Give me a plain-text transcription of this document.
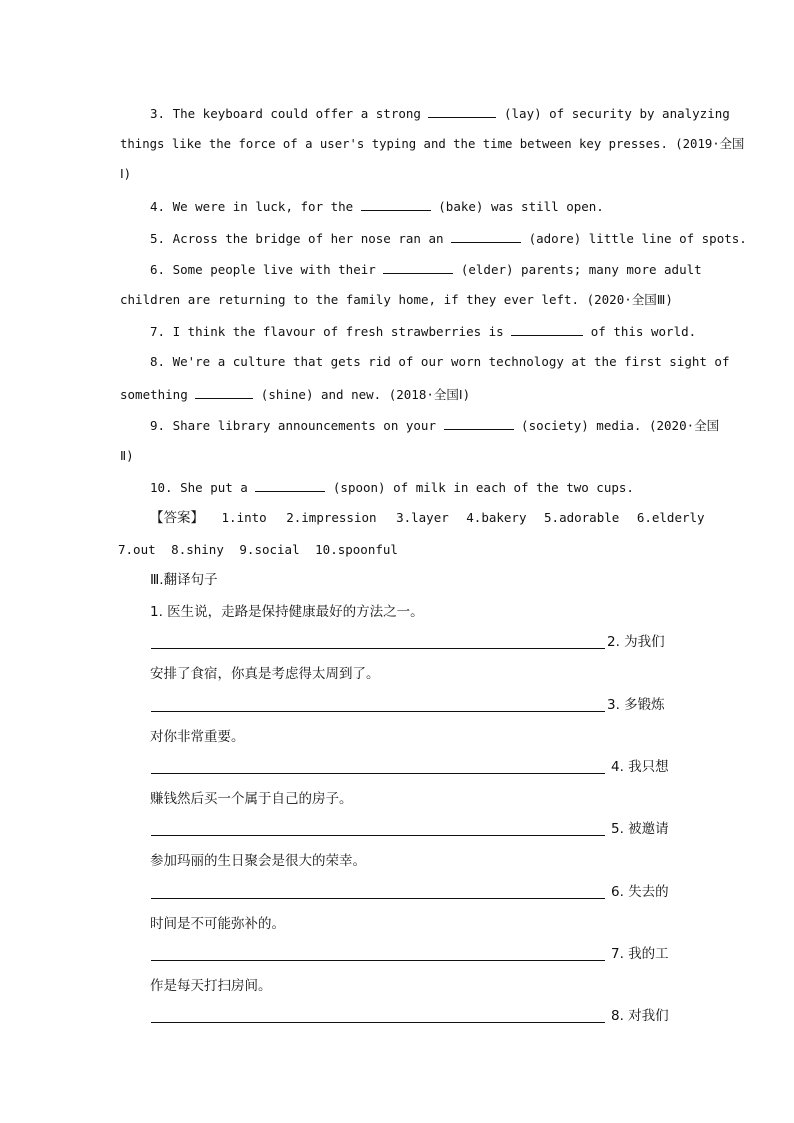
3. The keyboard could offer a strong	(lay) of security by analyzing
things like the force of a user's typing and the time between key presses. (2019·全国
Ⅰ)
4. We were in luck, for the	(bake) was still open.
5. Across the bridge of her nose ran an	(adore) little line of spots.
6. Some people live with their	(elder) parents; many more adult
children are returning to the family home, if they ever left. (2020·全国Ⅲ)
7. I think the flavour of fresh strawberries is	of this world.
8. We're a culture that gets rid of our worn technology at the first sight of
something	(shine) and new. (2018·全国Ⅰ)
9. Share library announcements on your	(society) media. (2020·全国
Ⅱ)
10. She put a	(spoon) of milk in each of the two cups.
【答案】 1.into 2.impression 3.layer 4.bakery 5.adorable 6.elderly
7.out 8.shiny 9.social 10.spoonful
Ⅲ.翻译句子
1. 医生说，走路是保持健康最好的方法之一。
2. 为我们
安排了食宿，你真是考虑得太周到了。
3. 多锻炼
对你非常重要。
4. 我只想
赚钱然后买一个属于自己的房子。
5. 被邀请
参加玛丽的生日聚会是很大的荣幸。
6. 失去的
时间是不可能弥补的。
7. 我的工
作是每天打扫房间。
8. 对我们
